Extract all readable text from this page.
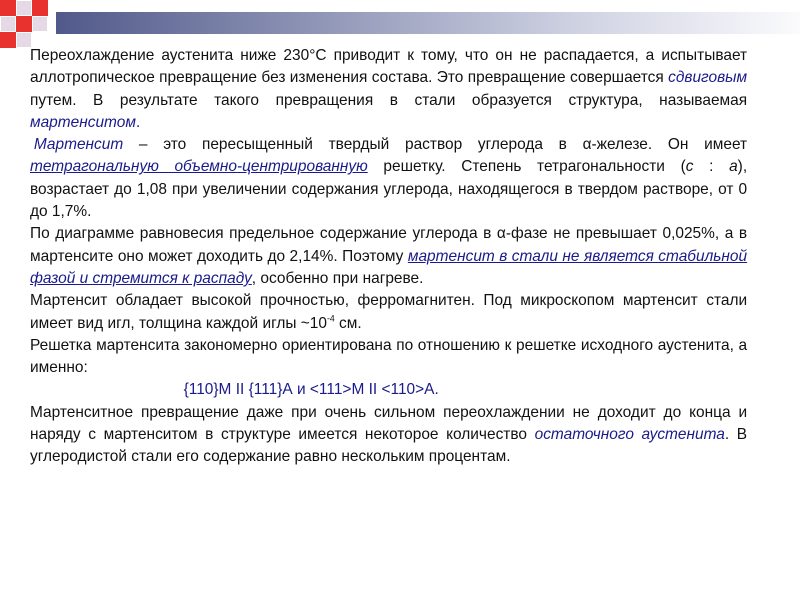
Переохлаждение аустенита ниже 230°С приводит к тому, что он не распадается, а испытывает аллотропическое превращение без изменения состава. Это превращение совершается сдвиговым путем. В результате такого превращения в стали образуется структура, называемая мартенситом.

Мартенсит – это пересыщенный твердый раствор углерода в α-железе. Он имеет тетрагональную объемно-центрированную решетку. Степень тетрагональности (с : а), возрастает до 1,08 при увеличении содержания углерода, находящегося в твердом растворе, от 0 до 1,7%.

По диаграмме равновесия предельное содержание углерода в α-фазе не превышает 0,025%, а в мартенсите оно может доходить до 2,14%. Поэтому мартенсит в стали не является стабильной фазой и стремится к распаду, особенно при нагреве.

Мартенсит обладает высокой прочностью, ферромагнитен. Под микроскопом мартенсит стали имеет вид игл, толщина каждой иглы $\sim 10^{-4}$ см.

Решетка мартенсита закономерно ориентирована по отношению к решетке исходного аустенита, а именно:

{110}М II {111}А и <111>М II <110>А.

Мартенситное превращение даже при очень сильном переохлаждении не доходит до конца и наряду с мартенситом в структуре имеется некоторое количество остаточного аустенита. В углеродистой стали его содержание равно нескольким процентам.
